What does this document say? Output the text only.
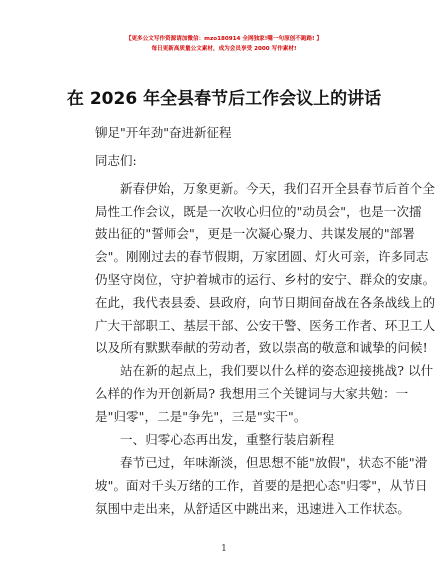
【更多公文写作资源请加微信：mzo180914 全网独家!嘴一句原创不跑路! 】
每日更新高质量公文素材，成为会员享受 2000 写作素材!
在 2026 年全县春节后工作会议上的讲话
铆足"开年劲"奋进新征程
同志们:
新春伊始，万象更新。今天，我们召开全县春节后首个全
局性工作会议，既是一次收心归位的"动员会"，也是一次擂
鼓出征的"誓师会"，更是一次凝心聚力、共谋发展的"部署
会"。刚刚过去的春节假期，万家团圆、灯火可亲，许多同志
仍坚守岗位，守护着城市的运行、乡村的安宁、群众的安康。
在此，我代表县委、县政府，向节日期间奋战在各条战线上的
广大干部职工、基层干部、公安干警、医务工作者、环卫工人
以及所有默默奉献的劳动者，致以崇高的敬意和诚挚的问候!
站在新的起点上，我们要以什么样的姿态迎接挑战? 以什
么样的作为开创新局? 我想用三个关键词与大家共勉：一
是"归零"，二是"争先"，三是"实干"。
一、归零心态再出发，重整行装启新程
春节已过，年味渐淡，但思想不能"放假"，状态不能"滑
坡"。面对千头万绪的工作，首要的是把心态"归零"，从节日
氛围中走出来，从舒适区中跳出来，迅速进入工作状态。
1
